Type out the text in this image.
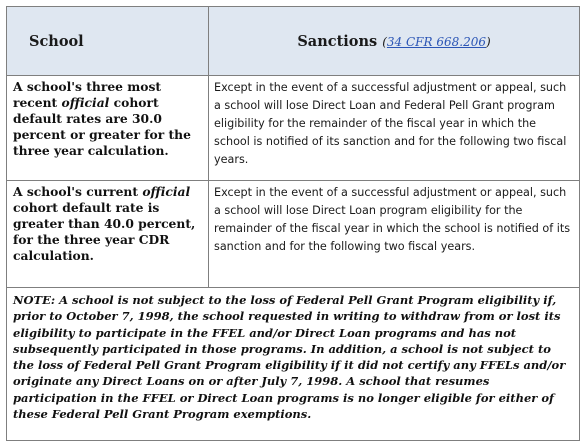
School	Sanctions (34 CFR 668.206)
A school's three most recent official cohort default rates are 30.0 percent or greater for the three year calculation.	Except in the event of a successful adjustment or appeal, such a school will lose Direct Loan and Federal Pell Grant program eligibility for the remainder of the fiscal year in which the school is notified of its sanction and for the following two fiscal years.
A school's current official cohort default rate is greater than 40.0 percent, for the three year CDR calculation.	Except in the event of a successful adjustment or appeal, such a school will lose Direct Loan program eligibility for the remainder of the fiscal year in which the school is notified of its sanction and for the following two fiscal years.
NOTE: A school is not subject to the loss of Federal Pell Grant Program eligibility if, prior to October 7, 1998, the school requested in writing to withdraw from or lost its eligibility to participate in the FFEL and/or Direct Loan programs and has not subsequently participated in those programs. In addition, a school is not subject to the loss of Federal Pell Grant Program eligibility if it did not certify any FFELs and/or originate any Direct Loans on or after July 7, 1998. A school that resumes participation in the FFEL or Direct Loan programs is no longer eligible for either of these Federal Pell Grant Program exemptions.	
